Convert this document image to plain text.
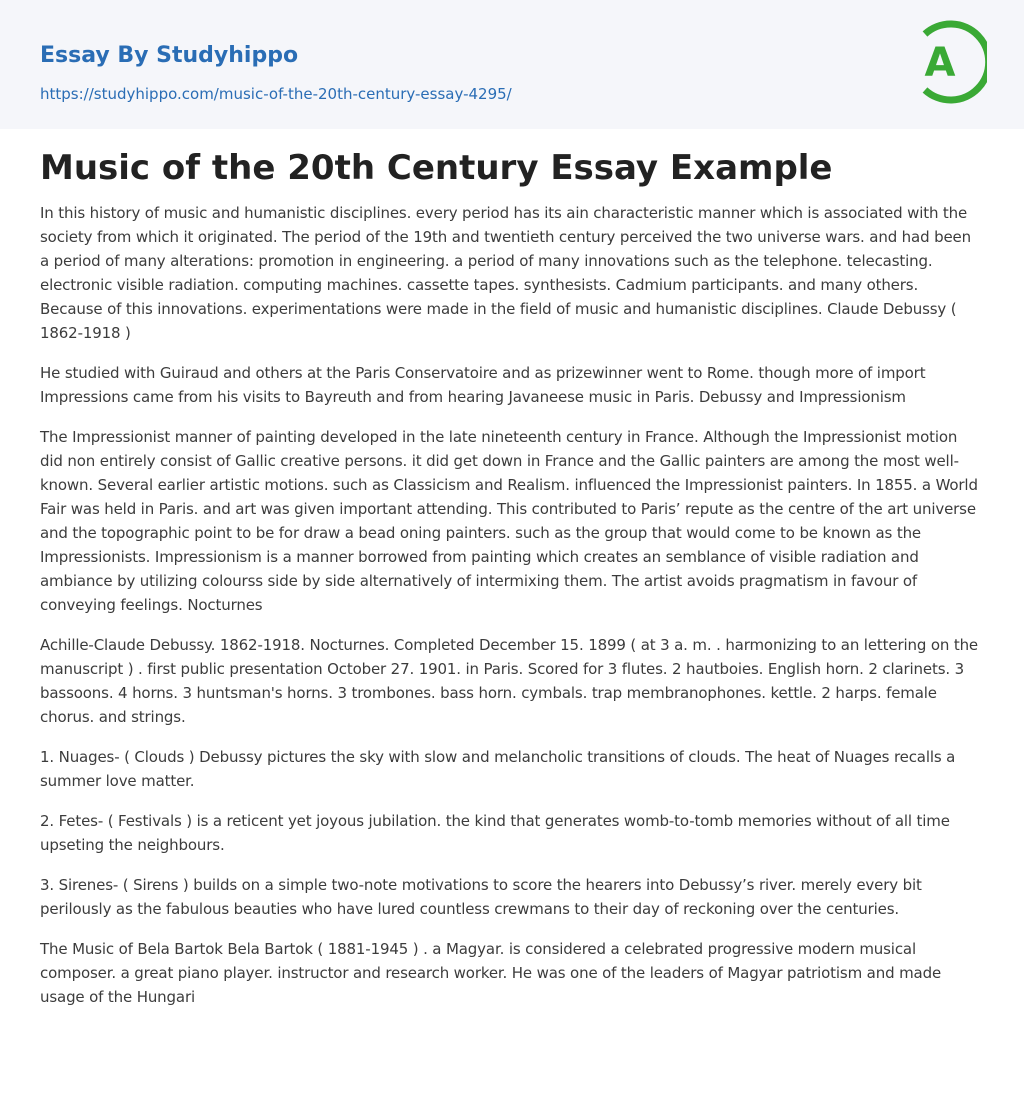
Essay By Studyhippo
https://studyhippo.com/music-of-the-20th-century-essay-4295/
A
Music of the 20th Century Essay Example

In this history of music and humanistic disciplines. every period has its ain characteristic manner which is associated with the society from which it originated. The period of the 19th and twentieth century perceived the two universe wars. and had been a period of many alterations: promotion in engineering. a period of many innovations such as the telephone. telecasting. electronic visible radiation. computing machines. cassette tapes. synthesists. Cadmium participants. and many others. Because of this innovations. experimentations were made in the field of music and humanistic disciplines. Claude Debussy ( 1862-1918 )

He studied with Guiraud and others at the Paris Conservatoire and as prizewinner went to Rome. though more of import Impressions came from his visits to Bayreuth and from hearing Javaneese music in Paris. Debussy and Impressionism

The Impressionist manner of painting developed in the late nineteenth century in France. Although the Impressionist motion did non entirely consist of Gallic creative persons. it did get down in France and the Gallic painters are among the most well-known. Several earlier artistic motions. such as Classicism and Realism. influenced the Impressionist painters. In 1855. a World Fair was held in Paris. and art was given important attending. This contributed to Paris’ repute as the centre of the art universe and the topographic point to be for draw a bead oning painters. such as the group that would come to be known as the Impressionists. Impressionism is a manner borrowed from painting which creates an semblance of visible radiation and ambiance by utilizing colourss side by side alternatively of intermixing them. The artist avoids pragmatism in favour of conveying feelings. Nocturnes

Achille-Claude Debussy. 1862-1918. Nocturnes. Completed December 15. 1899 ( at 3 a. m. . harmonizing to an lettering on the manuscript ) . first public presentation October 27. 1901. in Paris. Scored for 3 flutes. 2 hautboies. English horn. 2 clarinets. 3 bassoons. 4 horns. 3 huntsman's horns. 3 trombones. bass horn. cymbals. trap membranophones. kettle. 2 harps. female chorus. and strings.

1. Nuages- ( Clouds ) Debussy pictures the sky with slow and melancholic transitions of clouds. The heat of Nuages recalls a summer love matter.

2. Fetes- ( Festivals ) is a reticent yet joyous jubilation. the kind that generates womb-to-tomb memories without of all time upseting the neighbours.

3. Sirenes- ( Sirens ) builds on a simple two-note motivations to score the hearers into Debussy’s river. merely every bit perilously as the fabulous beauties who have lured countless crewmans to their day of reckoning over the centuries.

The Music of Bela Bartok Bela Bartok ( 1881-1945 ) . a Magyar. is considered a celebrated progressive modern musical composer. a great piano player. instructor and research worker. He was one of the leaders of Magyar patriotism and made usage of the Hungari
